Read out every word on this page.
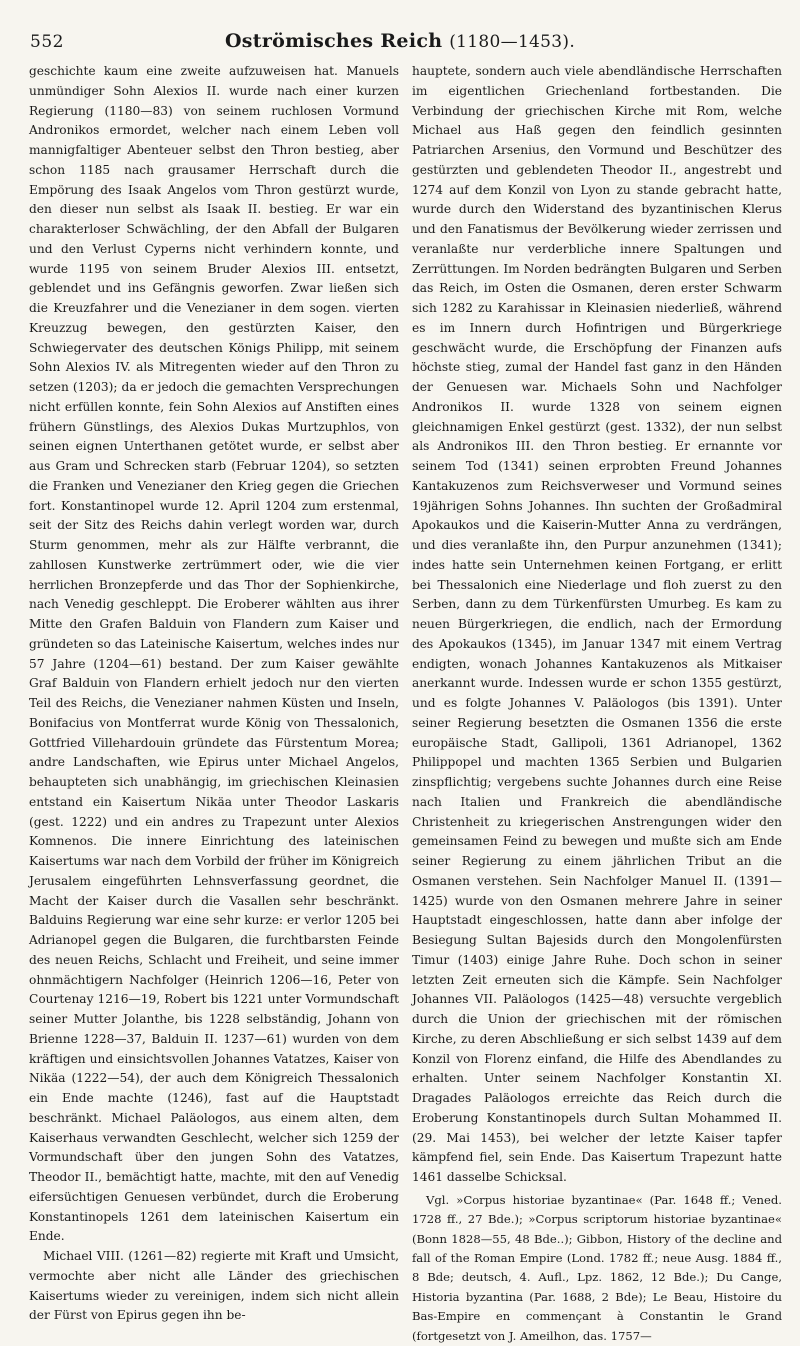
552	Oströmisches Reich (1180—1453).

geschichte kaum eine zweite aufzuweisen hat. Manuels unmündiger Sohn Alexios II. wurde nach einer kurzen Regierung (1180—83) von seinem ruchlosen Vormund Andronikos ermordet, welcher nach einem Leben voll mannigfaltiger Abenteuer selbst den Thron bestieg, aber schon 1185 nach grausamer Herrschaft durch die Empörung des Isaak Angelos vom Thron gestürzt wurde, den dieser nun selbst als Isaak II. bestieg. Er war ein charakterloser Schwächling, der den Abfall der Bulgaren und den Verlust Cyperns nicht verhindern konnte, und wurde 1195 von seinem Bruder Alexios III. entsetzt, geblendet und ins Gefängnis geworfen. Zwar ließen sich die Kreuzfahrer und die Venezianer in dem sogen. vierten Kreuzzug bewegen, den gestürzten Kaiser, den Schwiegervater des deutschen Königs Philipp, mit seinem Sohn Alexios IV. als Mitregenten wieder auf den Thron zu setzen (1203); da er jedoch die gemachten Versprechungen nicht erfüllen konnte, fein Sohn Alexios auf Anstiften eines frühern Günstlings, des Alexios Dukas Murtzuphlos, von seinen eignen Unterthanen getötet wurde, er selbst aber aus Gram und Schrecken starb (Februar 1204), so setzten die Franken und Venezianer den Krieg gegen die Griechen fort. Konstantinopel wurde 12. April 1204 zum erstenmal, seit der Sitz des Reichs dahin verlegt worden war, durch Sturm genommen, mehr als zur Hälfte verbrannt, die zahllosen Kunstwerke zertrümmert oder, wie die vier herrlichen Bronzepferde und das Thor der Sophienkirche, nach Venedig geschleppt. Die Eroberer wählten aus ihrer Mitte den Grafen Balduin von Flandern zum Kaiser und gründeten so das Lateinische Kaisertum, welches indes nur 57 Jahre (1204—61) bestand. Der zum Kaiser gewählte Graf Balduin von Flandern erhielt jedoch nur den vierten Teil des Reichs, die Venezianer nahmen Küsten und Inseln, Bonifacius von Montferrat wurde König von Thessalonich, Gottfried Villehardouin gründete das Fürstentum Morea; andre Landschaften, wie Epirus unter Michael Angelos, behaupteten sich unabhängig, im griechischen Kleinasien entstand ein Kaisertum Nikäa unter Theodor Laskaris (gest. 1222) und ein andres zu Trapezunt unter Alexios Komnenos. Die innere Einrichtung des lateinischen Kaisertums war nach dem Vorbild der früher im Königreich Jerusalem eingeführten Lehnsverfassung geordnet, die Macht der Kaiser durch die Vasallen sehr beschränkt. Balduins Regierung war eine sehr kurze: er verlor 1205 bei Adrianopel gegen die Bulgaren, die furchtbarsten Feinde des neuen Reichs, Schlacht und Freiheit, und seine immer ohnmächtigern Nachfolger (Heinrich 1206—16, Peter von Courtenay 1216—19, Robert bis 1221 unter Vormundschaft seiner Mutter Jolanthe, bis 1228 selbständig, Johann von Brienne 1228—37, Balduin II. 1237—61) wurden von dem kräftigen und einsichtsvollen Johannes Vatatzes, Kaiser von Nikäa (1222—54), der auch dem Königreich Thessalonich ein Ende machte (1246), fast auf die Hauptstadt beschränkt. Michael Paläologos, aus einem alten, dem Kaiserhaus verwandten Geschlecht, welcher sich 1259 der Vormundschaft über den jungen Sohn des Vatatzes, Theodor II., bemächtigt hatte, machte, mit den auf Venedig eifersüchtigen Genuesen verbündet, durch die Eroberung Konstantinopels 1261 dem lateinischen Kaisertum ein Ende.

Michael VIII. (1261—82) regierte mit Kraft und Umsicht, vermochte aber nicht alle Länder des griechischen Kaisertums wieder zu vereinigen, indem sich nicht allein der Fürst von Epirus gegen ihn be-

hauptete, sondern auch viele abendländische Herrschaften im eigentlichen Griechenland fortbestanden. Die Verbindung der griechischen Kirche mit Rom, welche Michael aus Haß gegen den feindlich gesinnten Patriarchen Arsenius, den Vormund und Beschützer des gestürzten und geblendeten Theodor II., angestrebt und 1274 auf dem Konzil von Lyon zu stande gebracht hatte, wurde durch den Widerstand des byzantinischen Klerus und den Fanatismus der Bevölkerung wieder zerrissen und veranlaßte nur verderbliche innere Spaltungen und Zerrüttungen. Im Norden bedrängten Bulgaren und Serben das Reich, im Osten die Osmanen, deren erster Schwarm sich 1282 zu Karahissar in Kleinasien niederließ, während es im Innern durch Hofintrigen und Bürgerkriege geschwächt wurde, die Erschöpfung der Finanzen aufs höchste stieg, zumal der Handel fast ganz in den Händen der Genuesen war. Michaels Sohn und Nachfolger Andronikos II. wurde 1328 von seinem eignen gleichnamigen Enkel gestürzt (gest. 1332), der nun selbst als Andronikos III. den Thron bestieg. Er ernannte vor seinem Tod (1341) seinen erprobten Freund Johannes Kantakuzenos zum Reichsverweser und Vormund seines 19jährigen Sohns Johannes. Ihn suchten der Großadmiral Apokaukos und die Kaiserin-Mutter Anna zu verdrängen, und dies veranlaßte ihn, den Purpur anzunehmen (1341); indes hatte sein Unternehmen keinen Fortgang, er erlitt bei Thessalonich eine Niederlage und floh zuerst zu den Serben, dann zu dem Türkenfürsten Umurbeg. Es kam zu neuen Bürgerkriegen, die endlich, nach der Ermordung des Apokaukos (1345), im Januar 1347 mit einem Vertrag endigten, wonach Johannes Kantakuzenos als Mitkaiser anerkannt wurde. Indessen wurde er schon 1355 gestürzt, und es folgte Johannes V. Paläologos (bis 1391). Unter seiner Regierung besetzten die Osmanen 1356 die erste europäische Stadt, Gallipoli, 1361 Adrianopel, 1362 Philippopel und machten 1365 Serbien und Bulgarien zinspflichtig; vergebens suchte Johannes durch eine Reise nach Italien und Frankreich die abendländische Christenheit zu kriegerischen Anstrengungen wider den gemeinsamen Feind zu bewegen und mußte sich am Ende seiner Regierung zu einem jährlichen Tribut an die Osmanen verstehen. Sein Nachfolger Manuel II. (1391—1425) wurde von den Osmanen mehrere Jahre in seiner Hauptstadt eingeschlossen, hatte dann aber infolge der Besiegung Sultan Bajesids durch den Mongolenfürsten Timur (1403) einige Jahre Ruhe. Doch schon in seiner letzten Zeit erneuten sich die Kämpfe. Sein Nachfolger Johannes VII. Paläologos (1425—48) versuchte vergeblich durch die Union der griechischen mit der römischen Kirche, zu deren Abschließung er sich selbst 1439 auf dem Konzil von Florenz einfand, die Hilfe des Abendlandes zu erhalten. Unter seinem Nachfolger Konstantin XI. Dragades Paläologos erreichte das Reich durch die Eroberung Konstantinopels durch Sultan Mohammed II. (29. Mai 1453), bei welcher der letzte Kaiser tapfer kämpfend fiel, sein Ende. Das Kaisertum Trapezunt hatte 1461 dasselbe Schicksal.

Vgl. »Corpus historiae byzantinae« (Par. 1648 ff.; Vened. 1728 ff., 27 Bde.); »Corpus scriptorum historiae byzantinae« (Bonn 1828—55, 48 Bde..); Gibbon, History of the decline and fall of the Roman Empire (Lond. 1782 ff.; neue Ausg. 1884 ff., 8 Bde; deutsch, 4. Aufl., Lpz. 1862, 12 Bde.); Du Cange, Historia byzantina (Par. 1688, 2 Bde); Le Beau, Histoire du Bas-Empire en commençant à Constantin le Grand (fortgesetzt von J. Ameilhon, das. 1757—
